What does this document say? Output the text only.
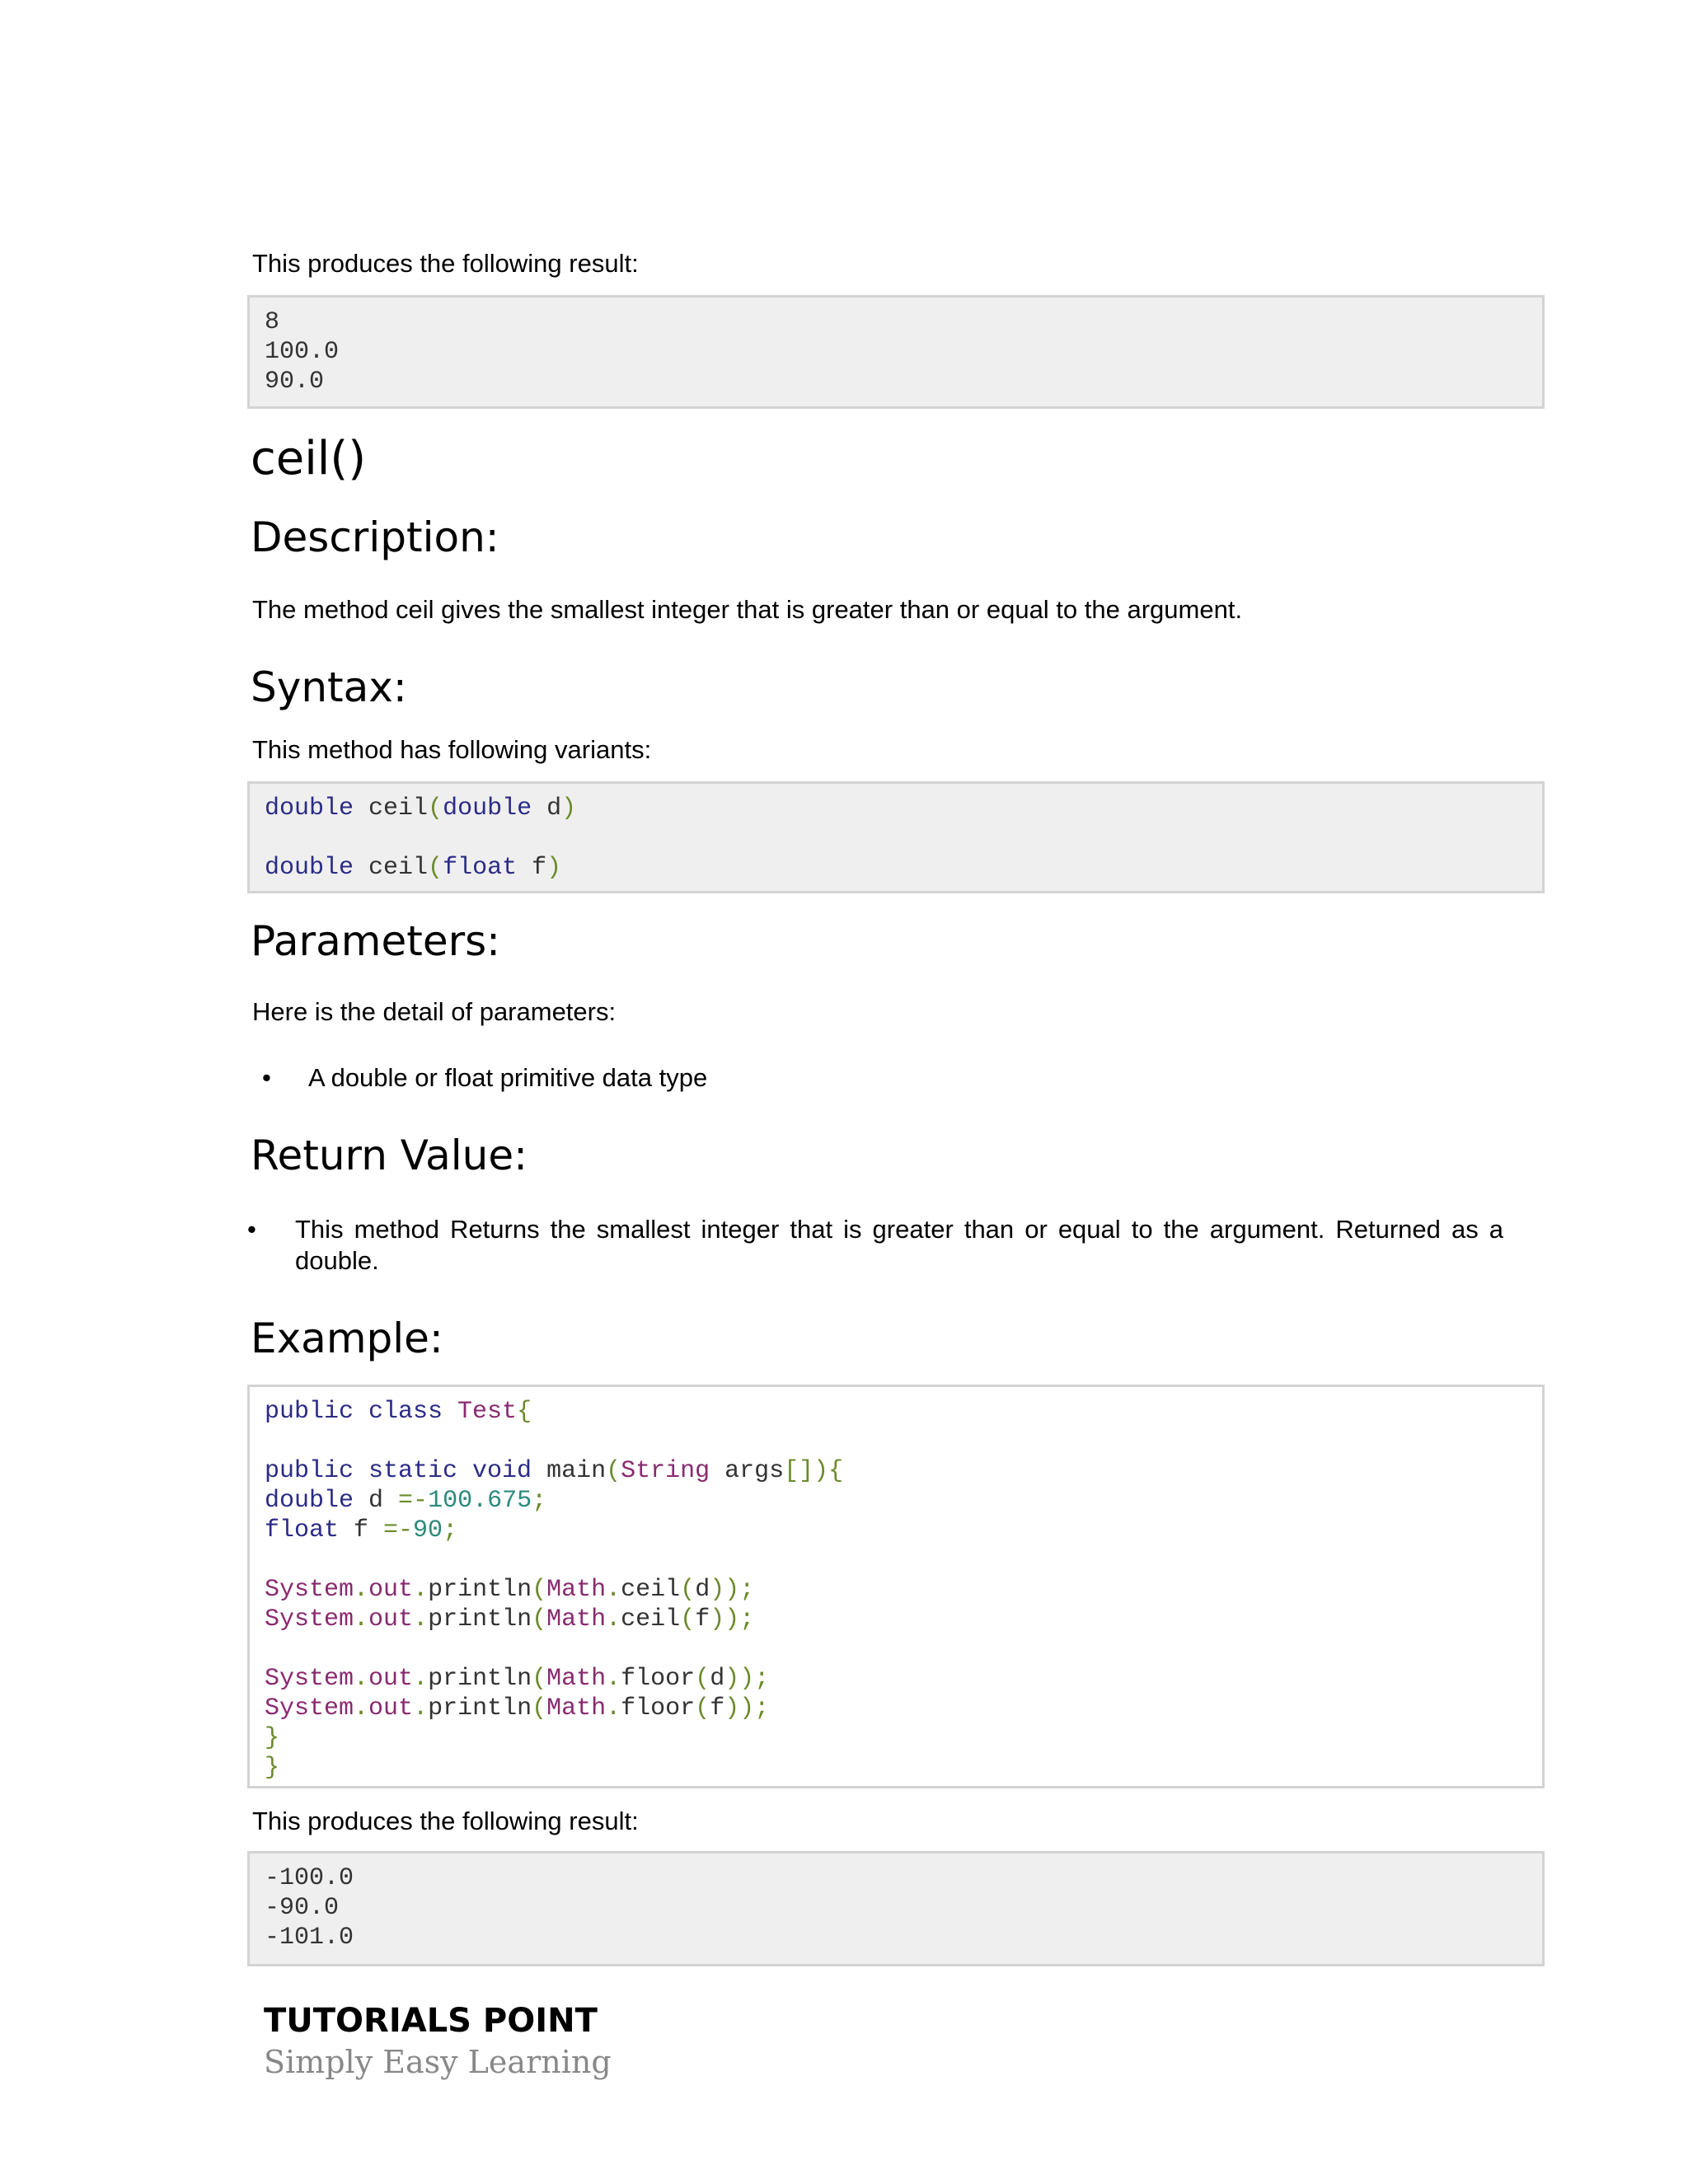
This produces the following result:
8
100.0
90.0
ceil()
Description:
The method ceil gives the smallest integer that is greater than or equal to the argument.
Syntax:
This method has following variants:
double ceil(double d)
double ceil(float f)
Parameters:
Here is the detail of parameters:
• A double or float primitive data type
Return Value:
• This method Returns the smallest integer that is greater than or equal to the argument. Returned as a
double.
Example:
public class Test{
public static void main(String args[]){
double d =-100.675;
float f =-90;
System.out.println(Math.ceil(d));
System.out.println(Math.ceil(f));
System.out.println(Math.floor(d));
System.out.println(Math.floor(f));
}
}
This produces the following result:
-100.0
-90.0
-101.0
TUTORIALS POINT
Simply Easy Learning
